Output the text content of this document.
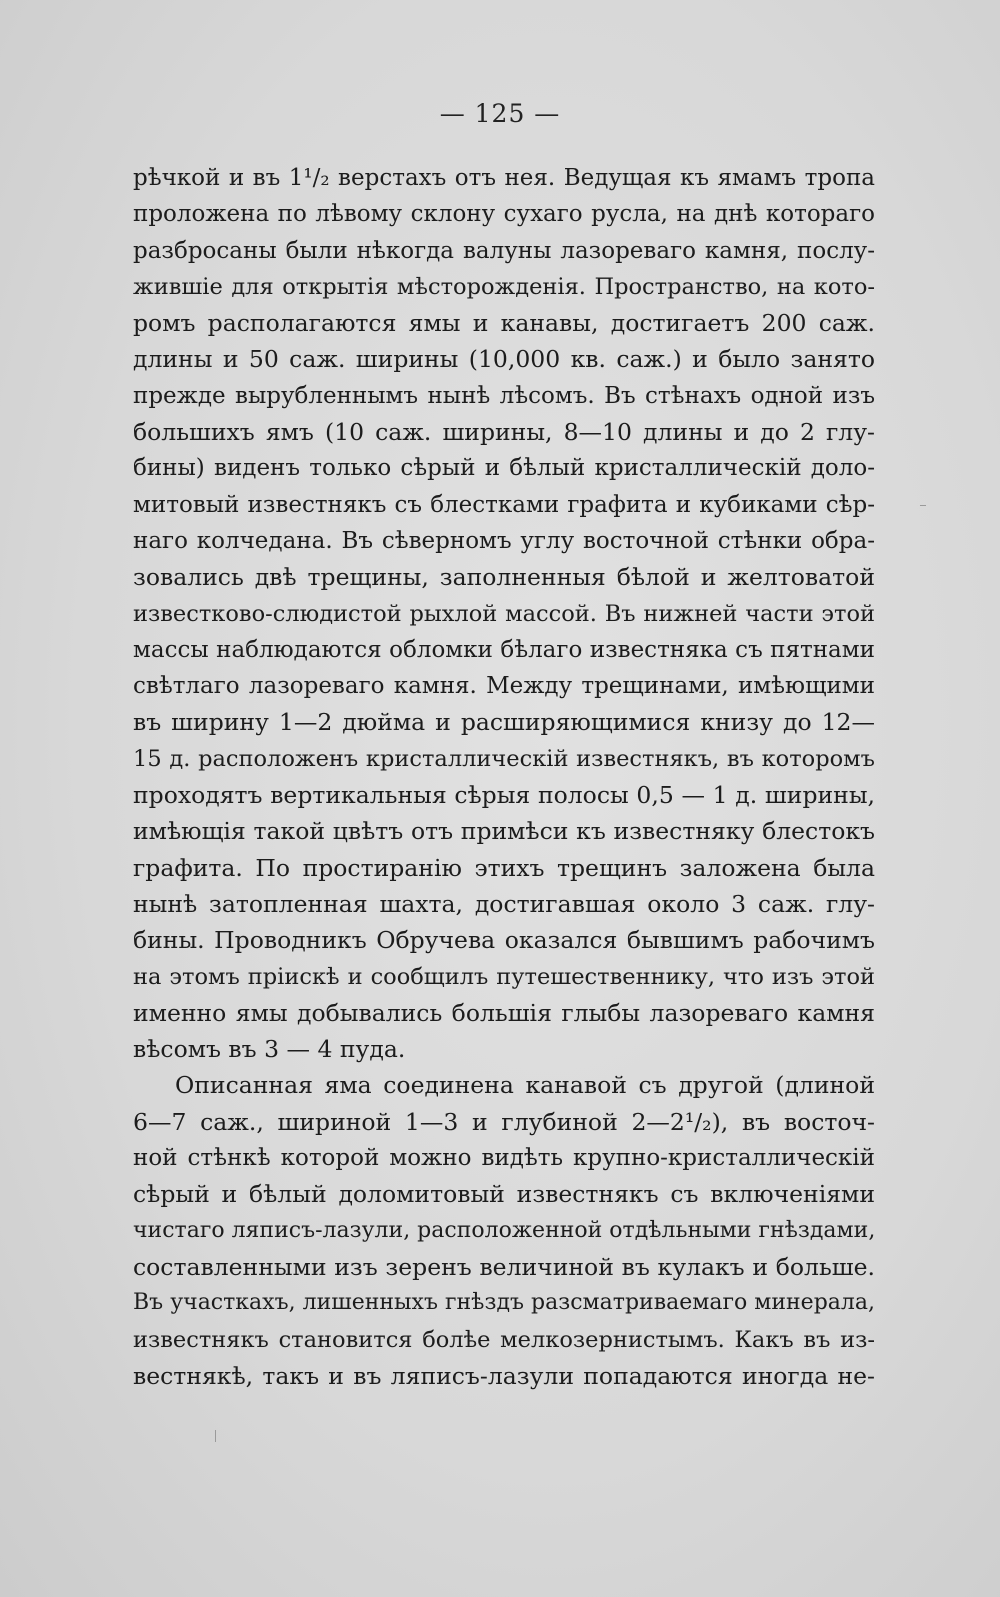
— 125 —
рѣчкой и въ 1¹/₂ верстахъ отъ нея. Ведущая къ ямамъ тропа
проложена по лѣвому склону сухаго русла, на днѣ котораго
разбросаны были нѣкогда валуны лазореваго камня, послу-
жившіе для открытія мѣсторожденія. Пространство, на кото-
ромъ располагаются ямы и канавы, достигаетъ 200 саж.
длины и 50 саж. ширины (10,000 кв. саж.) и было занято
прежде вырубленнымъ нынѣ лѣсомъ. Въ стѣнахъ одной изъ
большихъ ямъ (10 саж. ширины, 8—10 длины и до 2 глу-
бины) виденъ только сѣрый и бѣлый кристаллическій доло-
митовый известнякъ съ блестками графита и кубиками сѣр-
наго колчедана. Въ сѣверномъ углу восточной стѣнки обра-
зовались двѣ трещины, заполненныя бѣлой и желтоватой
известково-слюдистой рыхлой массой. Въ нижней части этой
массы наблюдаются обломки бѣлаго известняка съ пятнами
свѣтлаго лазореваго камня. Между трещинами, имѣющими
въ ширину 1—2 дюйма и расширяющимися книзу до 12—
15 д. расположенъ кристаллическій известнякъ, въ которомъ
проходятъ вертикальныя сѣрыя полосы 0,5 — 1 д. ширины,
имѣющія такой цвѣтъ отъ примѣси къ известняку блестокъ
графита. По простиранію этихъ трещинъ заложена была
нынѣ затопленная шахта, достигавшая около 3 саж. глу-
бины. Проводникъ Обручева оказался бывшимъ рабочимъ
на этомъ пріискѣ и сообщилъ путешественнику, что изъ этой
именно ямы добывались большія глыбы лазореваго камня
вѣсомъ въ 3 — 4 пуда.
Описанная яма соединена канавой съ другой (длиной
6—7 саж., шириной 1—3 и глубиной 2—2¹/₂), въ восточ-
ной стѣнкѣ которой можно видѣть крупно-кристаллическій
сѣрый и бѣлый доломитовый известнякъ съ включеніями
чистаго ляписъ-лазули, расположенной отдѣльными гнѣздами,
составленными изъ зеренъ величиной въ кулакъ и больше.
Въ участкахъ, лишенныхъ гнѣздъ разсматриваемаго минерала,
известнякъ становится болѣе мелкозернистымъ. Какъ въ из-
вестнякѣ, такъ и въ ляписъ-лазули попадаются иногда не-
